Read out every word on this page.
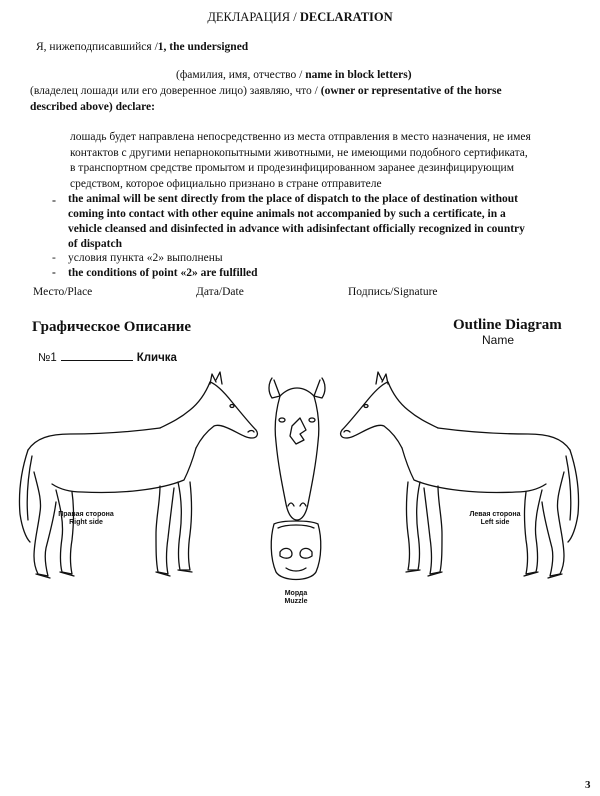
ДЕКЛАРАЦИЯ / DECLARATION
Я, нижеподписавшийся /1, the undersigned
(фамилия, имя, отчество / name in block letters)
(владелец лошади или его доверенное лицо) заявляю, что / (owner or representative of the horse
described above) declare:
лошадь будет направлена непосредственно из места отправления в место назначения, не имея
контактов с другими непарнокопытными животными, не имеющими подобного сертификата,
в транспортном средстве промытом и продезинфицированном заранее дезинфицирующим
средством, которое официально признано в стране отправителе
- the animal will be sent directly from the place of dispatch to the place of destination without
coming into contact with other equine animals not accompanied by such a certificate, in a
vehicle cleansed and disinfected in advance with adisinfectant officially recognized in country
of dispatch
- условия пункта «2» выполнены
- the conditions of point «2» are fulfilled
Место/Place	Дата/Date	Подпись/Signature
Графическое Описание	Outline Diagram
Name
№1	Кличка
Правая сторона
Right side
Морда
Muzzle
Левая сторона
Left side
3
